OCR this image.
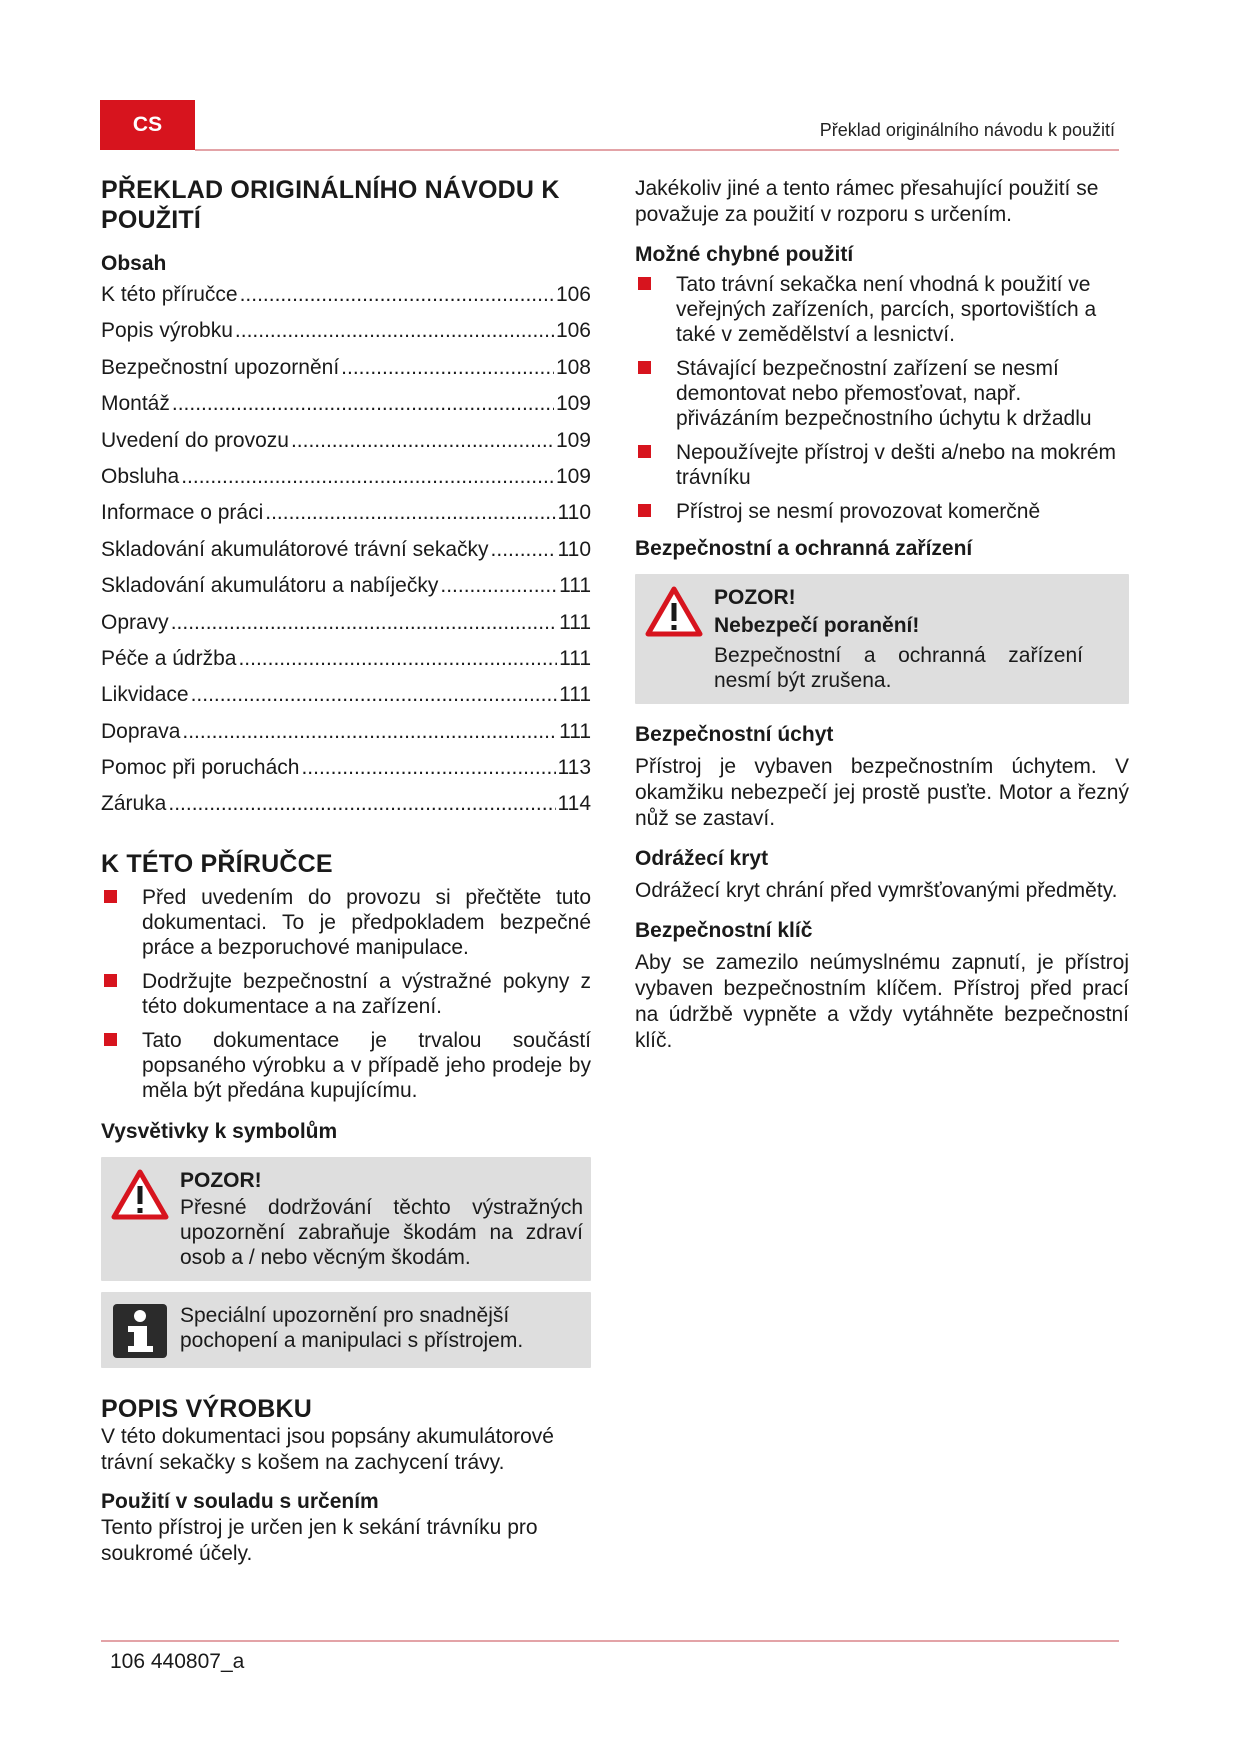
CS	Překlad originálního návodu k použití
PŘEKLAD ORIGINÁLNÍHO NÁVODU K POUŽITÍ
Obsah
K této příručce .....	106
Popis výrobku .....	106
Bezpečnostní upozornění .....	108
Montáž .....	109
Uvedení do provozu .....	109
Obsluha .....	109
Informace o práci .....	110
Skladování akumulátorové trávní sekačky .....	110
Skladování akumulátoru a nabíječky .....	111
Opravy .....	111
Péče a údržba .....	111
Likvidace .....	111
Doprava .....	111
Pomoc při poruchách .....	113
Záruka .....	114
K TÉTO PŘÍRUČCE
Před uvedením do provozu si přečtěte tuto dokumentaci. To je předpokladem bezpečné práce a bezporuchové manipulace.
Dodržujte bezpečnostní a výstražné pokyny z této dokumentace a na zařízení.
Tato dokumentace je trvalou součástí popsaného výrobku a v případě jeho prodeje by měla být předána kupujícímu.
Vysvětivky k symbolům
POZOR!
Přesné dodržování těchto výstražných upozornění zabraňuje škodám na zdraví osob a / nebo věcným škodám.
Speciální upozornění pro snadnější pochopení a manipulaci s přístrojem.
POPIS VÝROBKU

V této dokumentaci jsou popsány akumulátorové trávní sekačky s košem na zachycení trávy.

Použití v souladu s určením

Tento přístroj je určen jen k sekání trávníku pro soukromé účely.

Jakékoliv jiné a tento rámec přesahující použití se považuje za použití v rozporu s určením.

Možné chybné použití
Tato trávní sekačka není vhodná k použití ve veřejných zařízeních, parcích, sportovištích a také v zemědělství a lesnictví.
Stávající bezpečnostní zařízení se nesmí demontovat nebo přemosťovat, např. přivázáním bezpečnostního úchytu k držadlu
Nepoužívejte přístroj v dešti a/nebo na mokrém trávníku
Přístroj se nesmí provozovat komerčně
Bezpečnostní a ochranná zařízení
POZOR!
Nebezpečí poranění!
Bezpečnostní a ochranná zařízení nesmí být zrušena.
Bezpečnostní úchyt

Přístroj je vybaven bezpečnostním úchytem. V okamžiku nebezpečí jej prostě pusťte. Motor a řezný nůž se zastaví.

Odrážecí kryt

Odrážecí kryt chrání před vymršťovanými předměty.

Bezpečnostní klíč

Aby se zamezilo neúmyslnému zapnutí, je přístroj vybaven bezpečnostním klíčem. Přístroj před prací na údržbě vypněte a vždy vytáhněte bezpečnostní klíč.

106 440807_a
